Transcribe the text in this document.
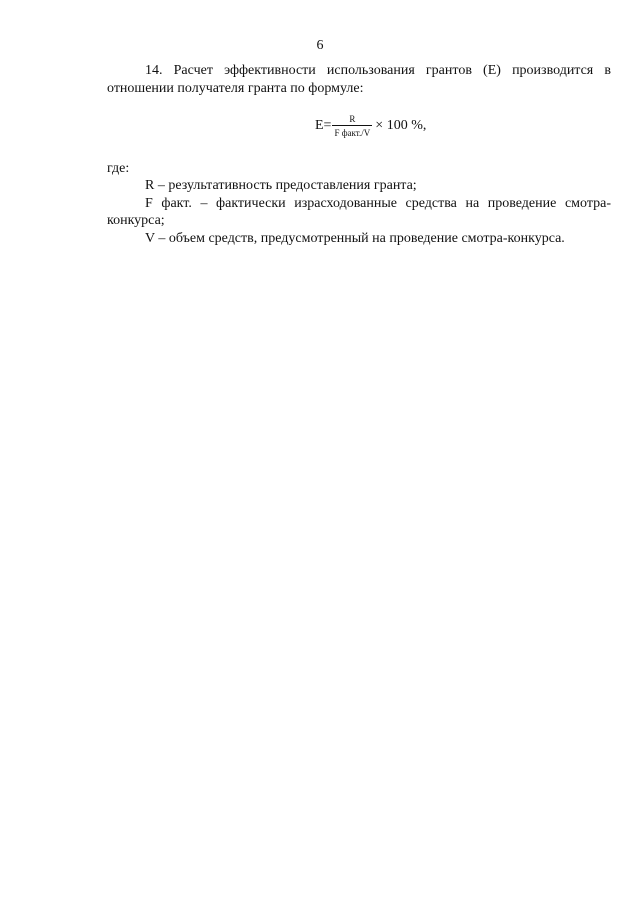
6
14. Расчет эффективности использования грантов (E) производится в отношении получателя гранта по формуле:
$E= \frac{R}{\text{F факт./V}} \times 100$ %,
где:
R – результативность предоставления гранта;
F факт. – фактически израсходованные средства на проведение смотра-конкурса;
V – объем средств, предусмотренный на проведение смотра-конкурса.
